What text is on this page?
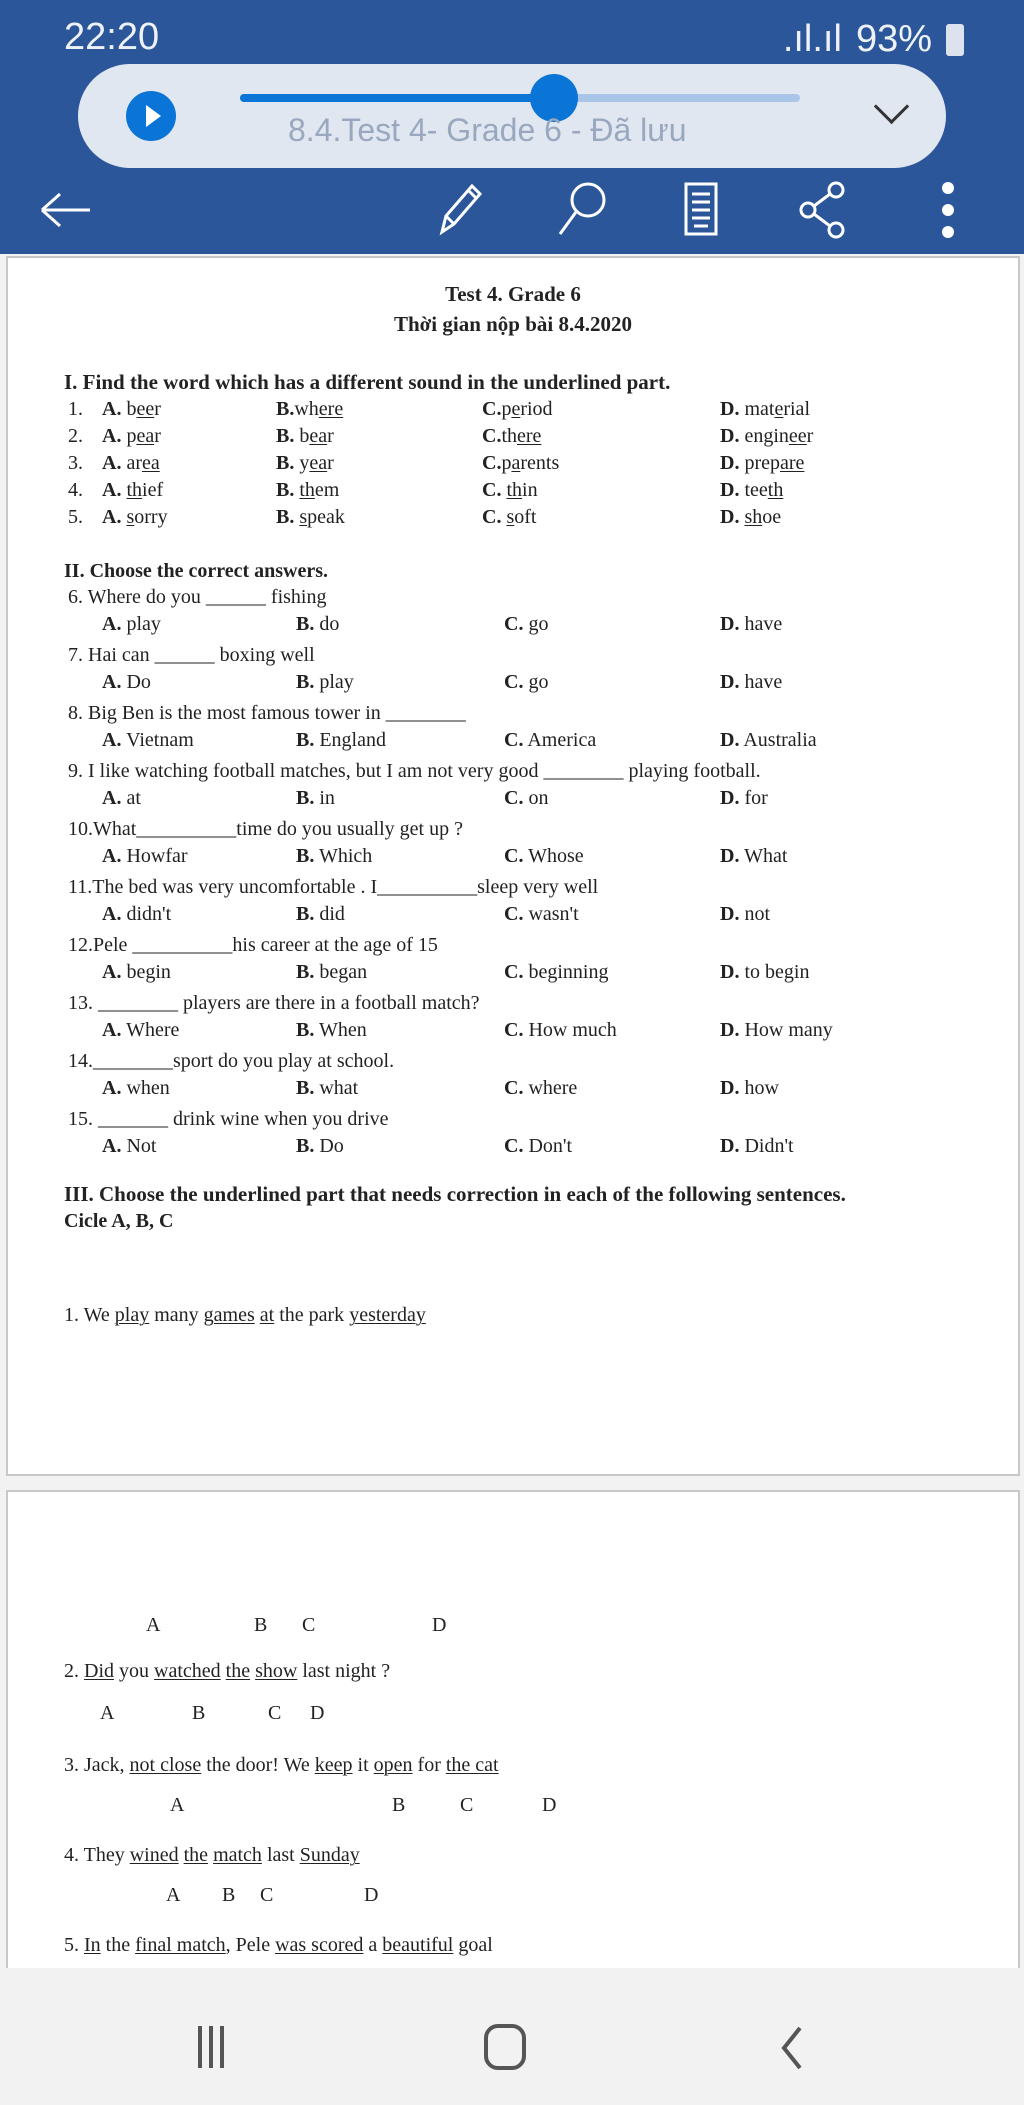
22:20	.ıl.ıl 93%
8.4.Test 4- Grade 6 - Đã lưu
Test 4. Grade 6
Thời gian nộp bài 8.4.2020
I. Find the word which has a different sound in the underlined part.
1. A. beer	B.where	C.period	D. material
2. A. pear	B. bear	C.there	D. engineer
3. A. area	B. year	C.parents	D. prepare
4. A. thief	B. them	C. thin	D. teeth
5. A. sorry	B. speak	C. soft	D. shoe
II. Choose the correct answers.
6. Where do you ______ fishing
A. play	B. do	C. go	D. have
7. Hai can ______ boxing well
A. Do	B. play	C. go	D. have
8. Big Ben is the most famous tower in ________
A. Vietnam	B. England	C. America	D. Australia
9. I like watching football matches, but I am not very good ________ playing football.
A. at	B. in	C. on	D. for
10.What__________time do you usually get up ?
A. Howfar	B. Which	C. Whose	D. What
11.The bed was very uncomfortable . I__________sleep very well
A. didn't	B. did	C. wasn't	D. not
12.Pele __________his career at the age of 15
A. begin	B. began	C. beginning	D. to begin
13. ________ players are there in a football match?
A. Where	B. When	C. How much	D. How many
14.________sport do you play at school.
A. when	B. what	C. where	D. how
15. _______ drink wine when you drive
A. Not	B. Do	C. Don't	D. Didn't
III. Choose the underlined part that needs correction in each of the following sentences.
Cicle A, B, C
1. We play many games at the park yesterday
A	B C	D
2. Did you watched the show last night ?
A	B	C D
3. Jack, not close the door! We keep it open for the cat
A	B	C	D
4. They wined the match last Sunday
A B C	D
5. In the final match, Pele was scored a beautiful goal
